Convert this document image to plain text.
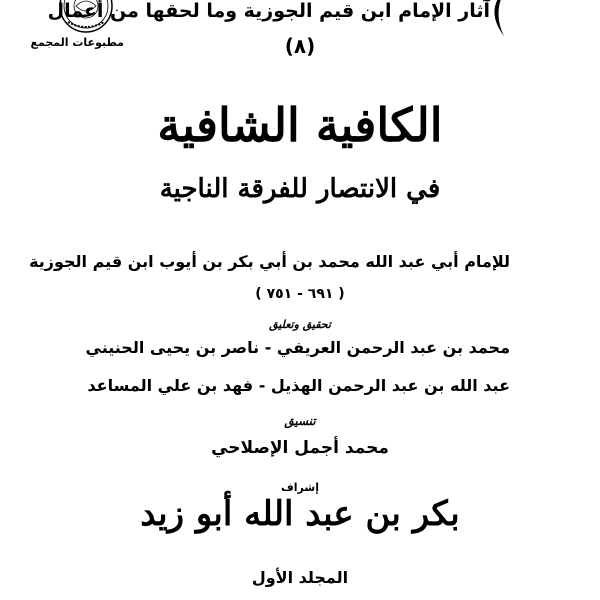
مطبوعات المجمع
آثار الإمام ابن قيم الجوزية وما لحقها من أعمال
(٨)
الكافية الشافية
في الانتصار للفرقة الناجية
للإمام أبي عبد الله محمد بن أبي بكر بن أيوب ابن قيم الجوزية
( ٦٩١ - ٧٥١ )
تحقيق وتعليق
محمد بن عبد الرحمن العريفي - ناصر بن يحيى الحنيني
عبد الله بن عبد الرحمن الهذيل - فهد بن علي المساعد
تنسيق
محمد أجمل الإصلاحي
إشراف
بكر بن عبد الله أبو زيد
المجلد الأول
